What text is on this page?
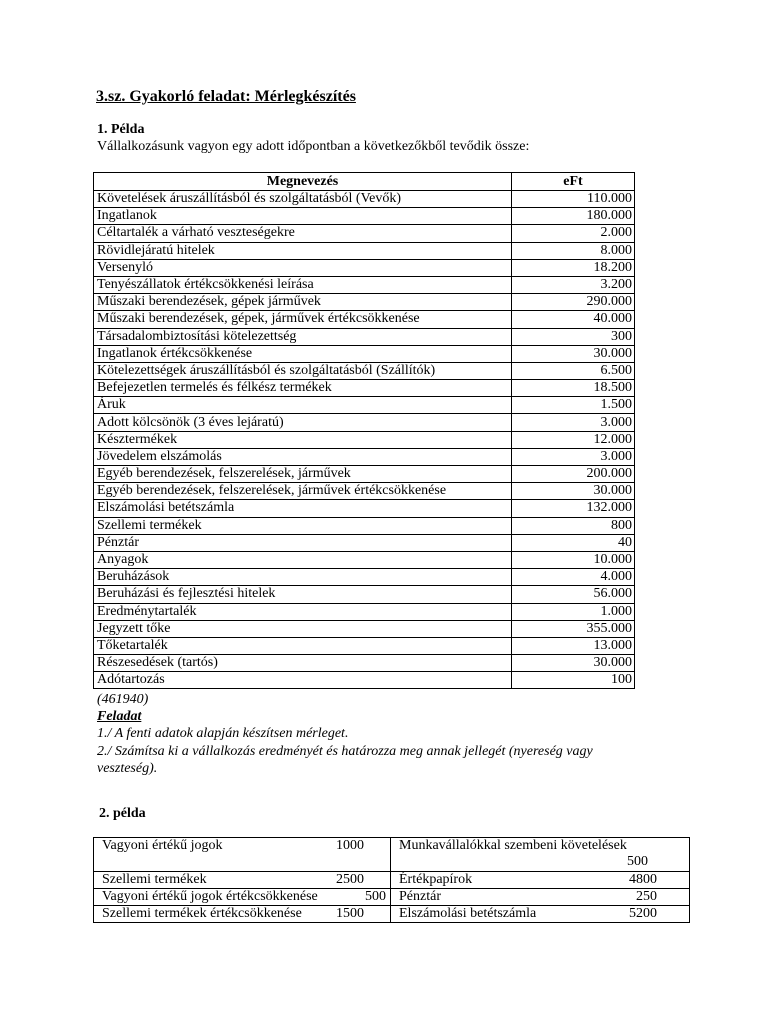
3.sz. Gyakorló feladat: Mérlegkészítés
1. Példa
Vállalkozásunk vagyon egy adott időpontban a következőkből tevődik össze:
Megnevezés	eFt
Követelések áruszállításból és szolgáltatásból (Vevők)	110.000
Ingatlanok	180.000
Céltartalék a várható veszteségekre	2.000
Rövidlejáratú hitelek	8.000
Versenyló	18.200
Tenyészállatok értékcsökkenési leírása	3.200
Műszaki berendezések, gépek járművek	290.000
Műszaki berendezések, gépek, járművek értékcsökkenése	40.000
Társadalombiztosítási kötelezettség	300
Ingatlanok értékcsökkenése	30.000
Kötelezettségek áruszállításból és szolgáltatásból (Szállítók)	6.500
Befejezetlen termelés és félkész termékek	18.500
Áruk	1.500
Adott kölcsönök (3 éves lejáratú)	3.000
Késztermékek	12.000
Jövedelem elszámolás	3.000
Egyéb berendezések, felszerelések, járművek	200.000
Egyéb berendezések, felszerelések, járművek értékcsökkenése	30.000
Elszámolási betétszámla	132.000
Szellemi termékek	800
Pénztár	40
Anyagok	10.000
Beruházások	4.000
Beruházási és fejlesztési hitelek	56.000
Eredménytartalék	1.000
Jegyzett tőke	355.000
Tőketartalék	13.000
Részesedések (tartós)	30.000
Adótartozás	100
(461940)
Feladat
1./ A fenti adatok alapján készítsen mérleget.
2./ Számítsa ki a vállalkozás eredményét és határozza meg annak jellegét (nyereség vagy veszteség).
2. példa
Vagyoni értékű jogok 1000	Munkavállalókkal szembeni követelések
500

Szellemi termékek 2500	Értékpapírok 4800

Vagyoni értékű jogok értékcsökkenése 500	Pénztár 250

Szellemi termékek értékcsökkenése 1500	Elszámolási betétszámla 5200
